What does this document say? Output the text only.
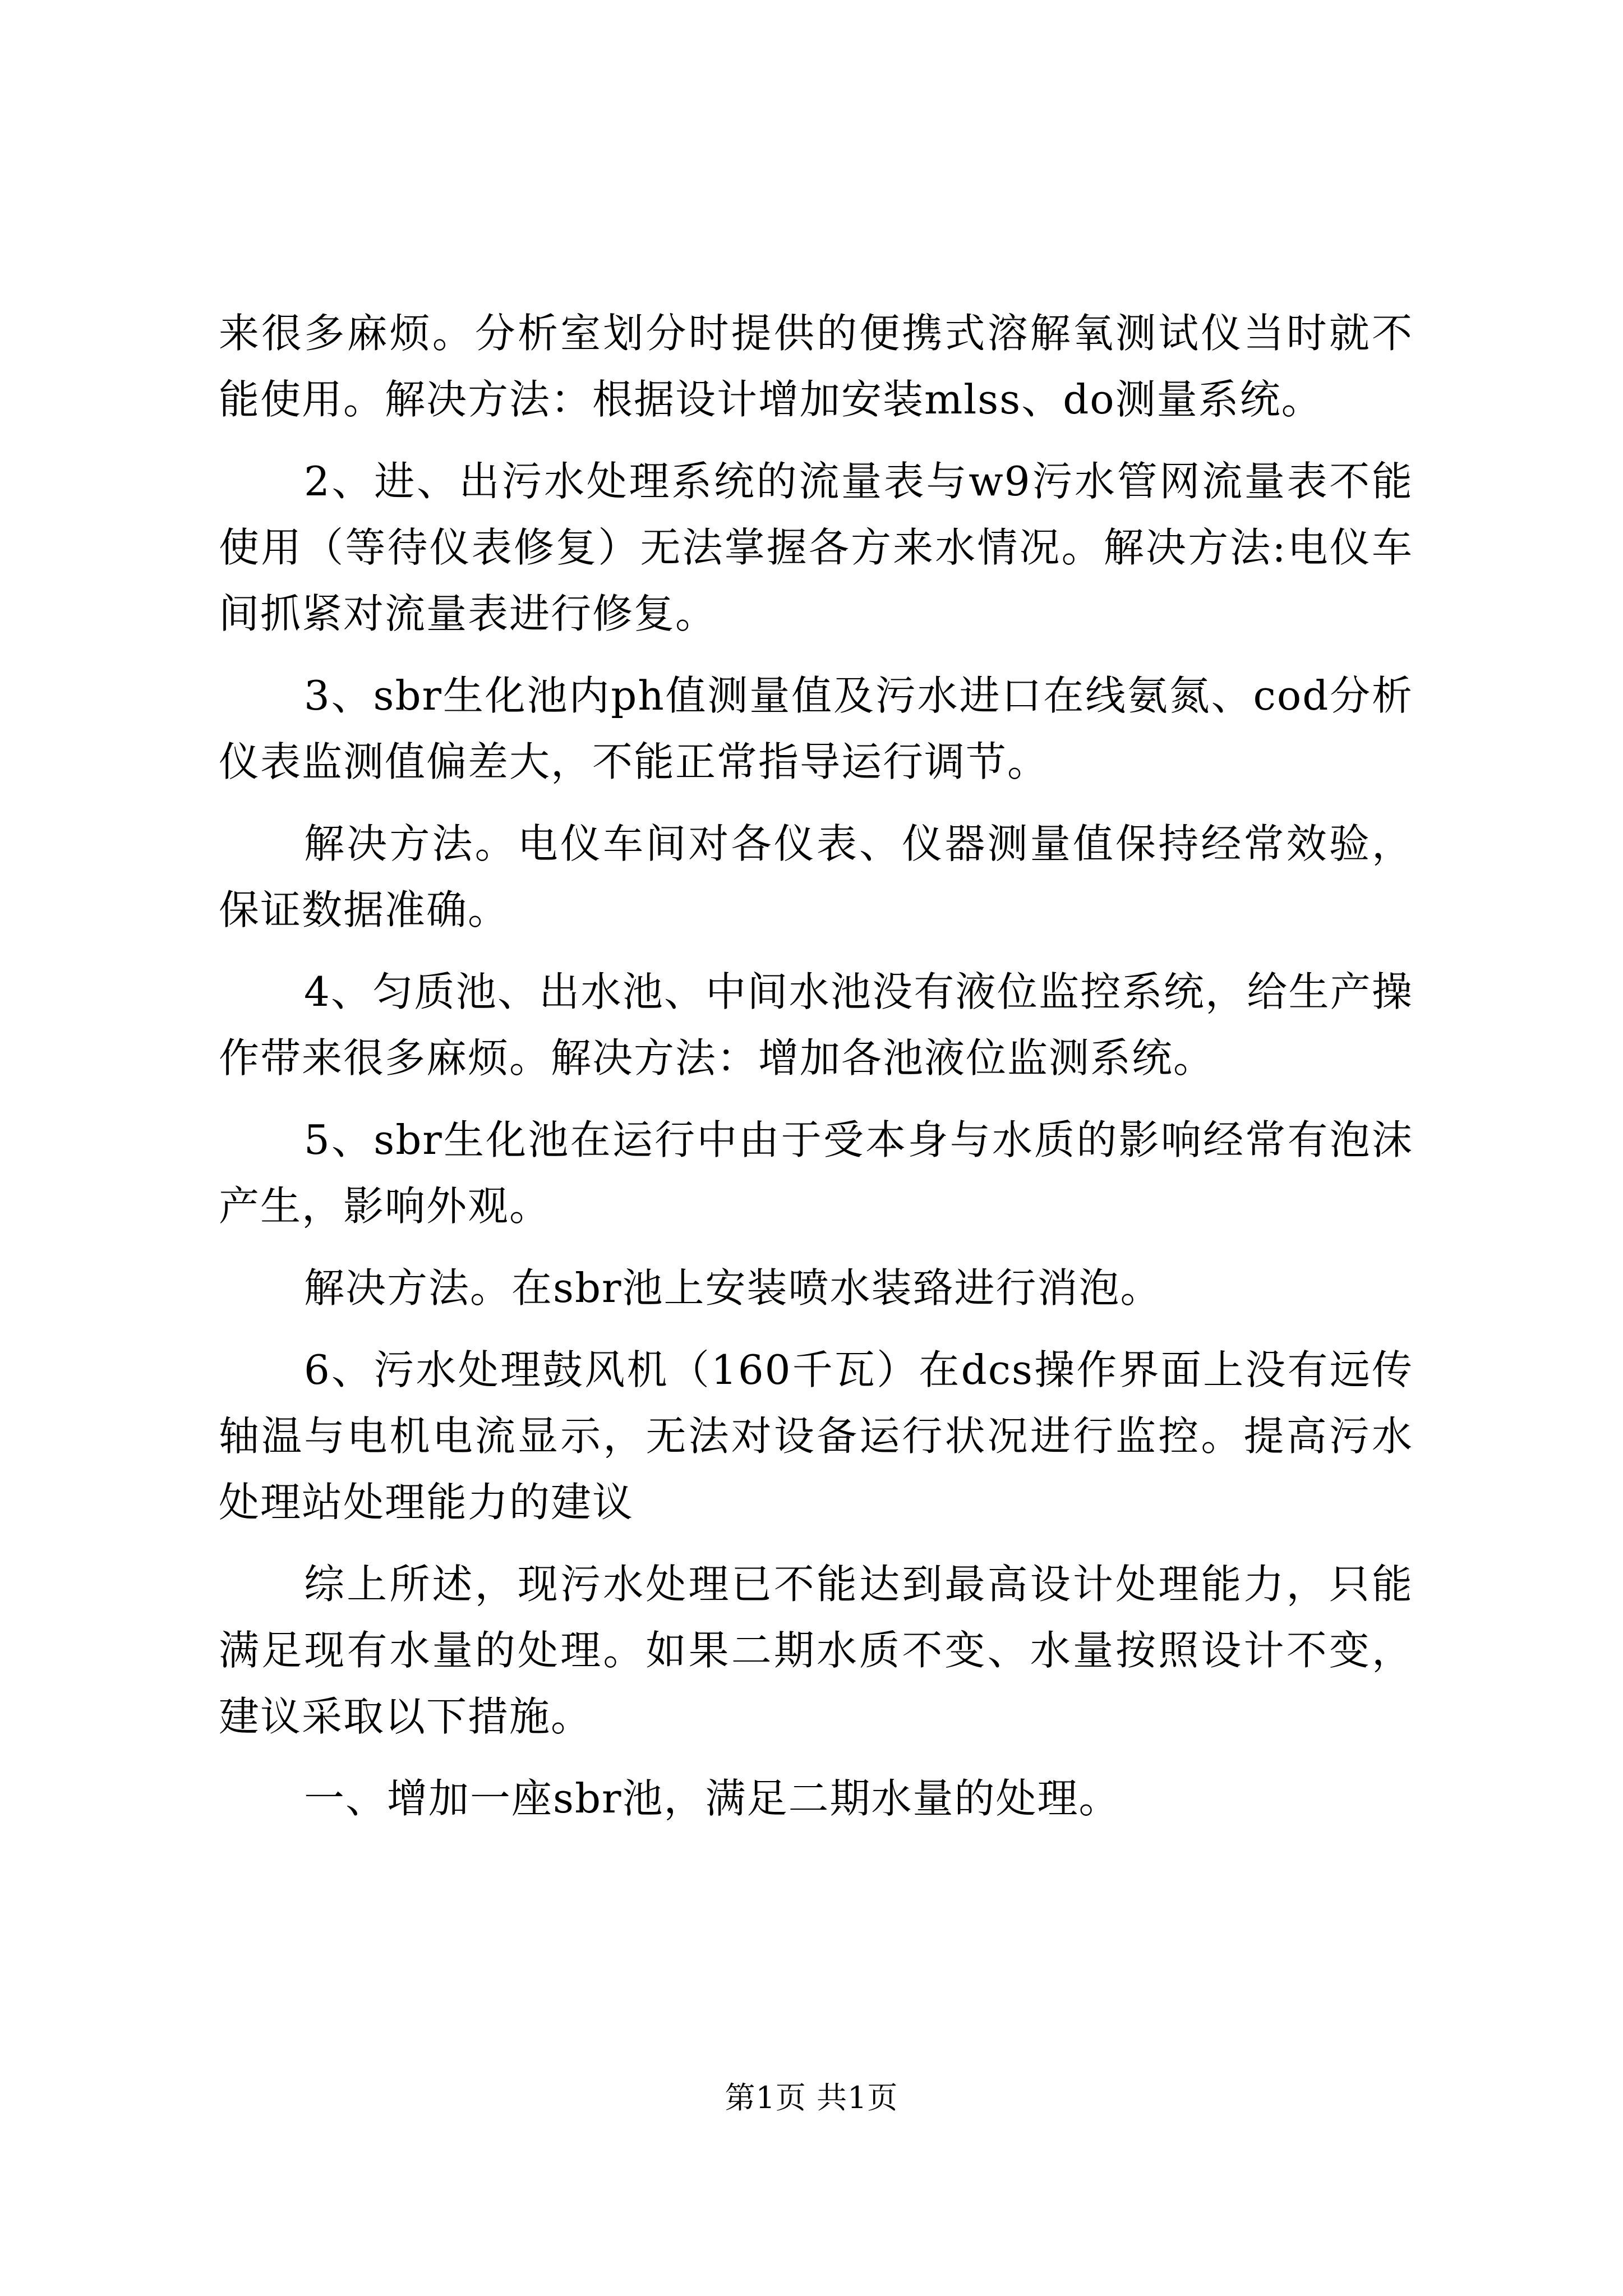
来很多麻烦。分析室划分时提供的便携式溶解氧测试仪当时就不能使用。解决方法：根据设计增加安装mlss、do测量系统。

2、进、出污水处理系统的流量表与w9污水管网流量表不能使用（等待仪表修复）无法掌握各方来水情况。解决方法:电仪车间抓紧对流量表进行修复。

3、sbr生化池内ph值测量值及污水进口在线氨氮、cod分析仪表监测值偏差大，不能正常指导运行调节。

解决方法。电仪车间对各仪表、仪器测量值保持经常效验，保证数据准确。

4、匀质池、出水池、中间水池没有液位监控系统，给生产操作带来很多麻烦。解决方法：增加各池液位监测系统。

5、sbr生化池在运行中由于受本身与水质的影响经常有泡沫产生，影响外观。

解决方法。在sbr池上安装喷水装臵进行消泡。

6、污水处理鼓风机（160千瓦）在dcs操作界面上没有远传轴温与电机电流显示，无法对设备运行状况进行监控。提高污水处理站处理能力的建议

综上所述，现污水处理已不能达到最高设计处理能力，只能满足现有水量的处理。如果二期水质不变、水量按照设计不变，建议采取以下措施。

一、增加一座sbr池，满足二期水量的处理。

第1页 共1页
